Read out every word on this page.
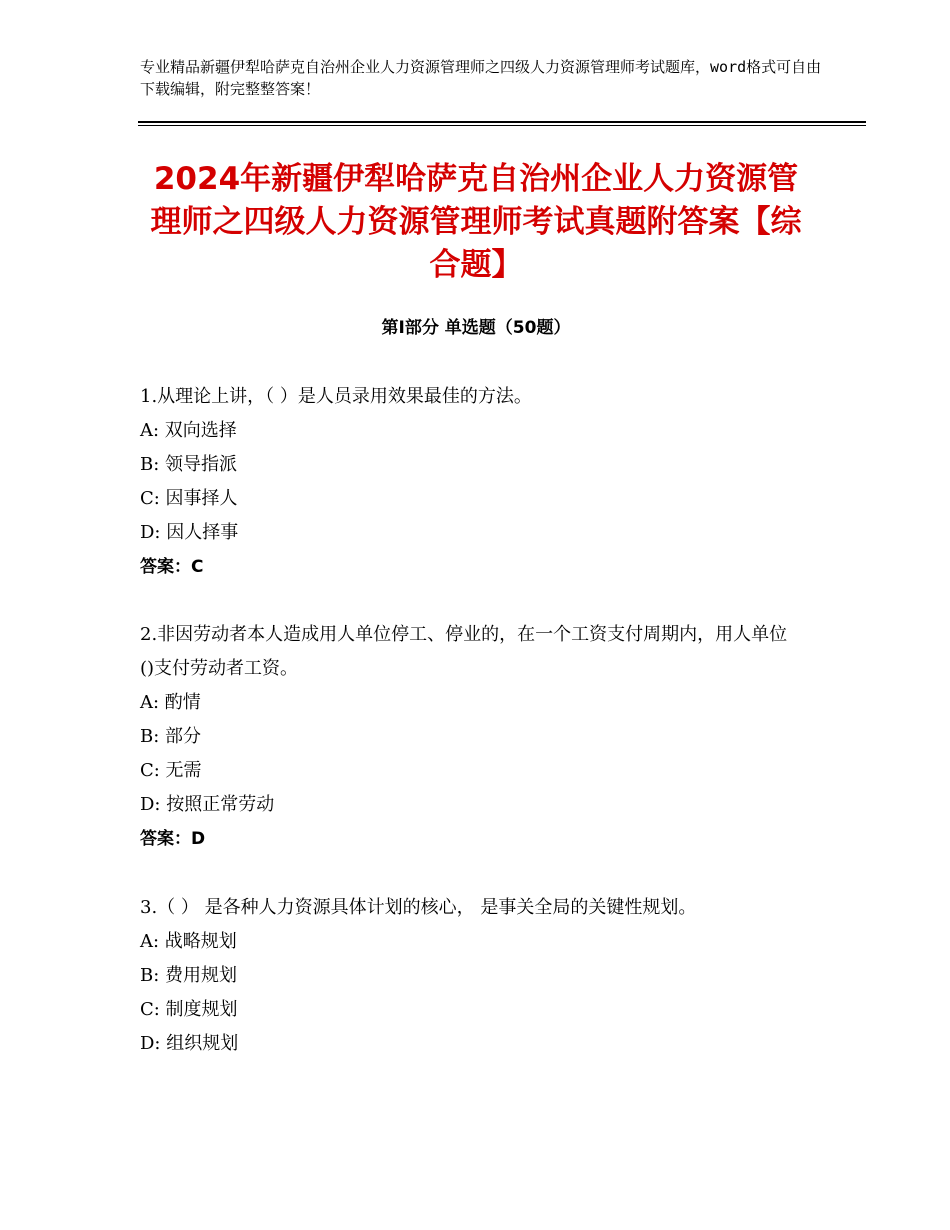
专业精品新疆伊犁哈萨克自治州企业人力资源管理师之四级人力资源管理师考试题库，word格式可自由下载编辑，附完整整答案！
2024年新疆伊犁哈萨克自治州企业人力资源管理师之四级人力资源管理师考试真题附答案【综合题】
第Ⅰ部分 单选题（50题）

1.从理论上讲，（ ）是人员录用效果最佳的方法。

A: 双向选择

B: 领导指派

C: 因事择人

D: 因人择事

答案：C

2.非因劳动者本人造成用人单位停工、停业的，在一个工资支付周期内，用人单位()支付劳动者工资。

A: 酌情

B: 部分

C: 无需

D: 按照正常劳动

答案：D

3.（ ） 是各种人力资源具体计划的核心， 是事关全局的关键性规划。

A: 战略规划

B: 费用规划

C: 制度规划

D: 组织规划
